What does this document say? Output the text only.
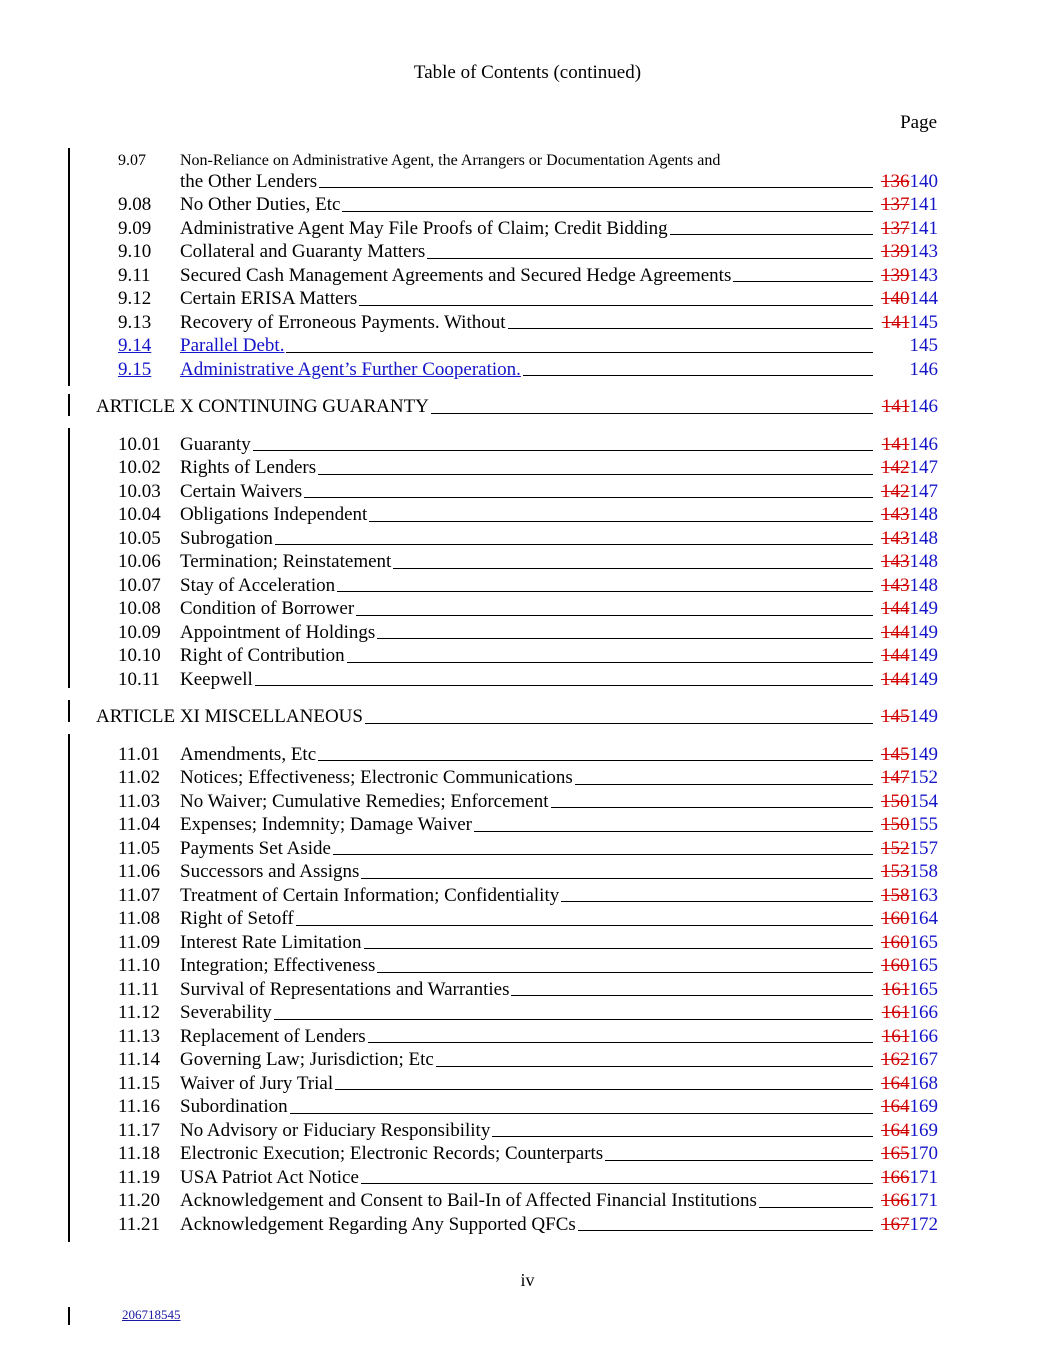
Table of Contents (continued)
Page
9.07	Non-Reliance on Administrative Agent, the Arrangers or Documentation Agents and
the Other Lenders	136140
9.08	No Other Duties, Etc	137141
9.09	Administrative Agent May File Proofs of Claim; Credit Bidding	137141
9.10	Collateral and Guaranty Matters	139143
9.11	Secured Cash Management Agreements and Secured Hedge Agreements	139143
9.12	Certain ERISA Matters	140144
9.13	Recovery of Erroneous Payments. Without	141145
9.14	Parallel Debt.	145
9.15	Administrative Agent’s Further Cooperation.	146
ARTICLE X CONTINUING GUARANTY	141146
10.01	Guaranty	141146
10.02	Rights of Lenders	142147
10.03	Certain Waivers	142147
10.04	Obligations Independent	143148
10.05	Subrogation	143148
10.06	Termination; Reinstatement	143148
10.07	Stay of Acceleration	143148
10.08	Condition of Borrower	144149
10.09	Appointment of Holdings	144149
10.10	Right of Contribution	144149
10.11	Keepwell	144149
ARTICLE XI MISCELLANEOUS	145149
11.01	Amendments, Etc	145149
11.02	Notices; Effectiveness; Electronic Communications	147152
11.03	No Waiver; Cumulative Remedies; Enforcement	150154
11.04	Expenses; Indemnity; Damage Waiver	150155
11.05	Payments Set Aside	152157
11.06	Successors and Assigns	153158
11.07	Treatment of Certain Information; Confidentiality	158163
11.08	Right of Setoff	160164
11.09	Interest Rate Limitation	160165
11.10	Integration; Effectiveness	160165
11.11	Survival of Representations and Warranties	161165
11.12	Severability	161166
11.13	Replacement of Lenders	161166
11.14	Governing Law; Jurisdiction; Etc	162167
11.15	Waiver of Jury Trial	164168
11.16	Subordination	164169
11.17	No Advisory or Fiduciary Responsibility	164169
11.18	Electronic Execution; Electronic Records; Counterparts	165170
11.19	USA Patriot Act Notice	166171
11.20	Acknowledgement and Consent to Bail-In of Affected Financial Institutions	166171
11.21	Acknowledgement Regarding Any Supported QFCs	167172
iv
206718545
